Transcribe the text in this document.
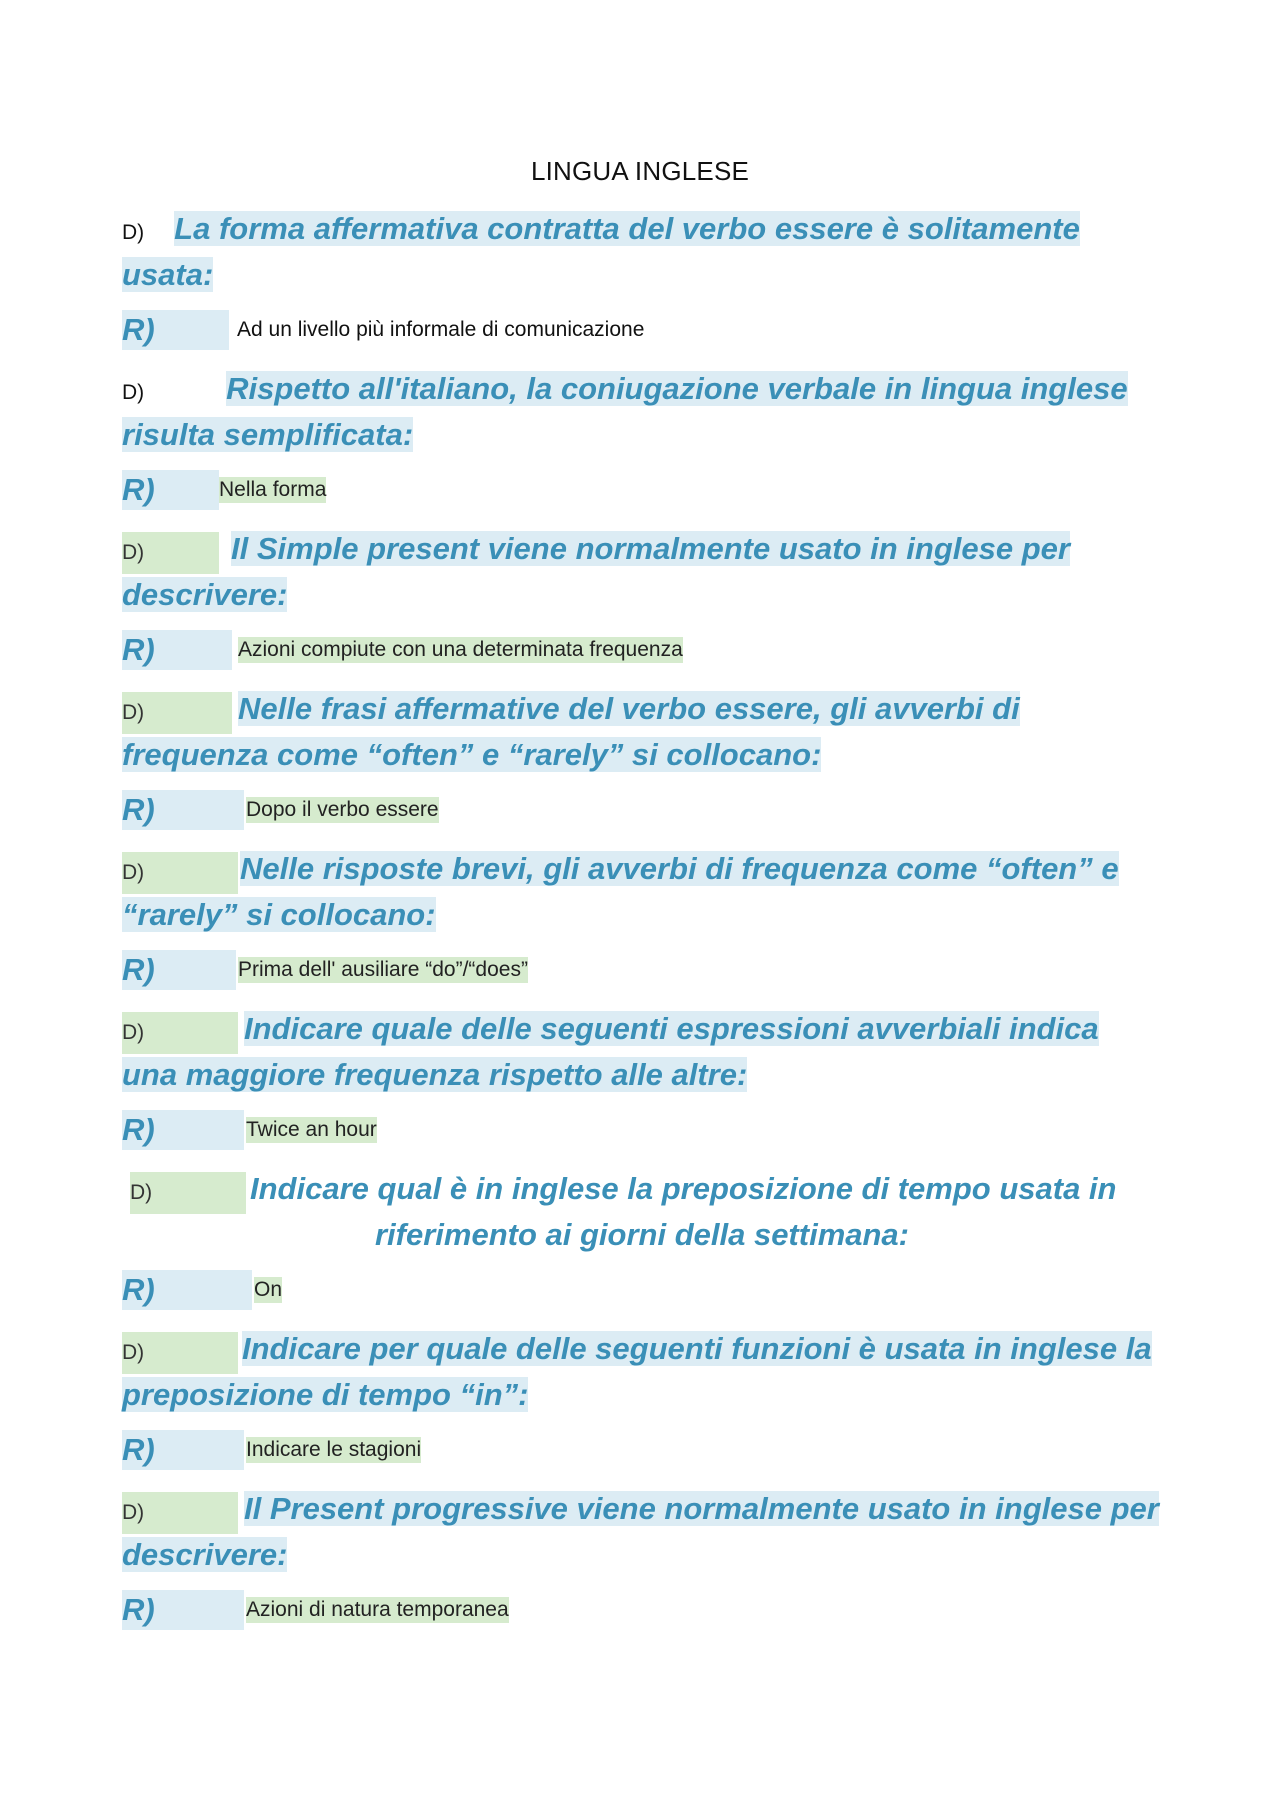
LINGUA INGLESE
D) La forma affermativa contratta del verbo essere è solitamente usata:
R)	Ad un livello più informale di comunicazione
D)	Rispetto all'italiano, la coniugazione verbale in lingua inglese risulta semplificata:
R)	Nella forma
D)	Il Simple present viene normalmente usato in inglese per descrivere:
R)	Azioni compiute con una determinata frequenza
D)	Nelle frasi affermative del verbo essere, gli avverbi di frequenza come “often” e “rarely” si collocano:
R)	Dopo il verbo essere
D)	Nelle risposte brevi, gli avverbi di frequenza come “often” e “rarely” si collocano:
R)	Prima dell' ausiliare “do”/“does”
D)	Indicare quale delle seguenti espressioni avverbiali indica una maggiore frequenza rispetto alle altre:
R)	Twice an hour
D)	Indicare qual è in inglese la preposizione di tempo usata in
riferimento ai giorni della settimana:
R)	On
D)	Indicare per quale delle seguenti funzioni è usata in inglese la preposizione di tempo “in”:
R)	Indicare le stagioni
D)	Il Present progressive viene normalmente usato in inglese per descrivere:
R)	Azioni di natura temporanea
